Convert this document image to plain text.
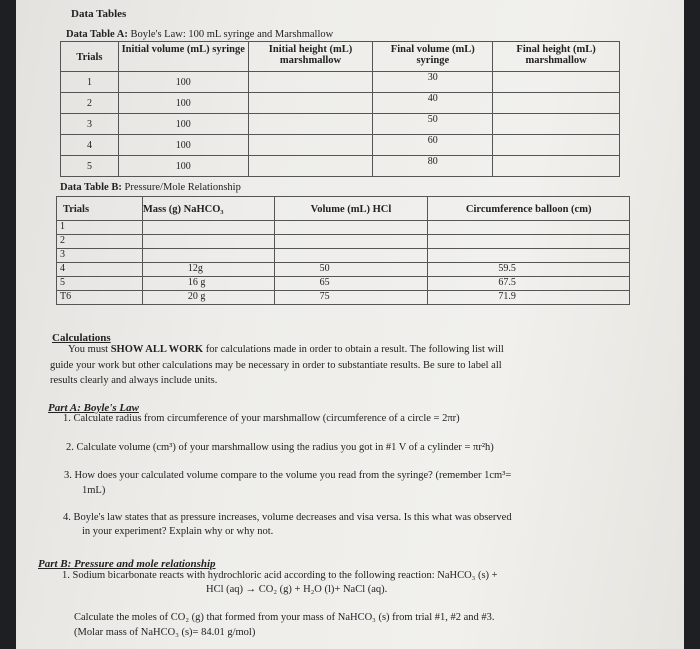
Data Tables
Data Table A: Boyle's Law: 100 mL syringe and Marshmallow
Trials	Initial volume (mL) syringe	Initial height (mL) marshmallow	Final volume (mL) syringe	Final height (mL) marshmallow
1	100		30	
2	100		40	
3	100		50	
4	100		60	
5	100		80	
Data Table B: Pressure/Mole Relationship
Trials	Mass (g) NaHCO₃	Volume (mL) HCl	Circumference balloon (cm)
1			
2			
3			
4	12g	50	59.5
5	16 g	65	67.5
T6	20 g	75	71.9
Calculations
You must SHOW ALL WORK for calculations made in order to obtain a result. The following list will
guide your work but other calculations may be necessary in order to substantiate results. Be sure to label all
results clearly and always include units.
Part A: Boyle's Law
1. Calculate radius from circumference of your marshmallow (circumference of a circle = 2πr)
2. Calculate volume (cm³) of your marshmallow using the radius you got in #1 V of a cylinder = πr²h)
3. How does your calculated volume compare to the volume you read from the syringe? (remember 1cm³=
1mL)
4. Boyle's law states that as pressure increases, volume decreases and visa versa. Is this what was observed
in your experiment? Explain why or why not.
Part B: Pressure and mole relationship
1. Sodium bicarbonate reacts with hydrochloric acid according to the following reaction: NaHCO₃ (s) +
HCl (aq) → CO₂ (g) + H₂O (l)+ NaCl (aq).
Calculate the moles of CO₂ (g) that formed from your mass of NaHCO₃ (s) from trial #1, #2 and #3.
(Molar mass of NaHCO₃ (s)= 84.01 g/mol)
